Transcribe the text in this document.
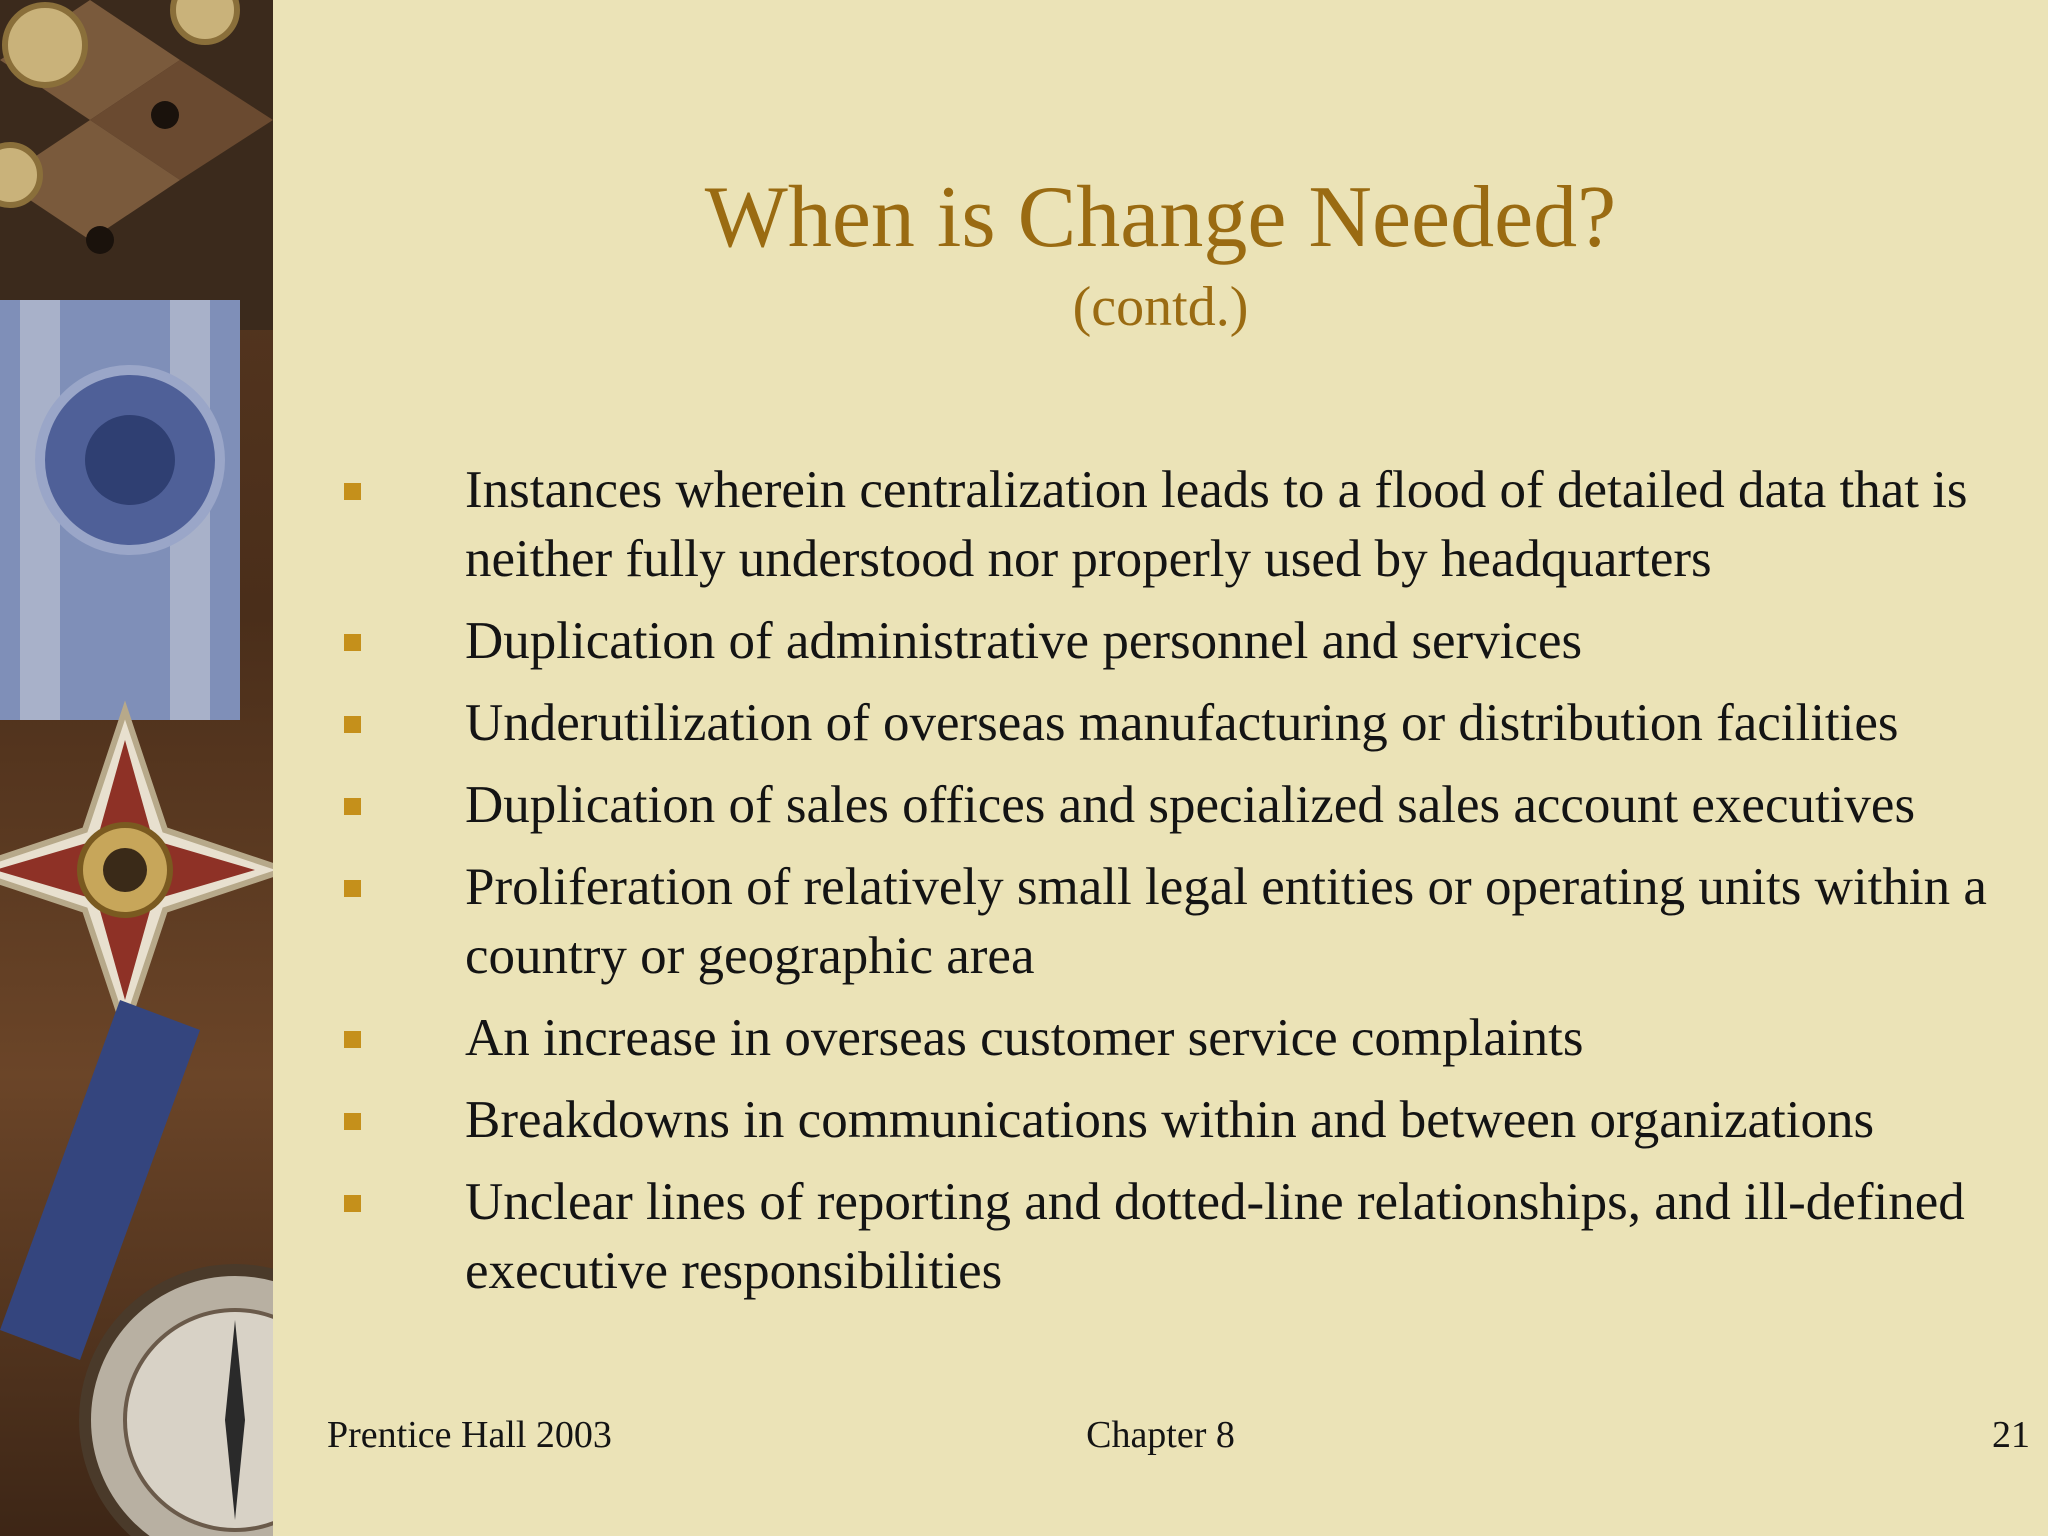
When is Change Needed?
(contd.)
Instances wherein centralization leads to a flood of detailed data that is neither fully understood nor properly used by headquarters
Duplication of administrative personnel and services
Underutilization of overseas manufacturing or distribution facilities
Duplication of sales offices and specialized sales account executives
Proliferation of relatively small legal entities or operating units within a country or geographic area
An increase in overseas customer service complaints
Breakdowns in communications within and between organizations
Unclear lines of reporting and dotted-line relationships, and ill-defined executive responsibilities
Prentice Hall 2003	Chapter 8	21
